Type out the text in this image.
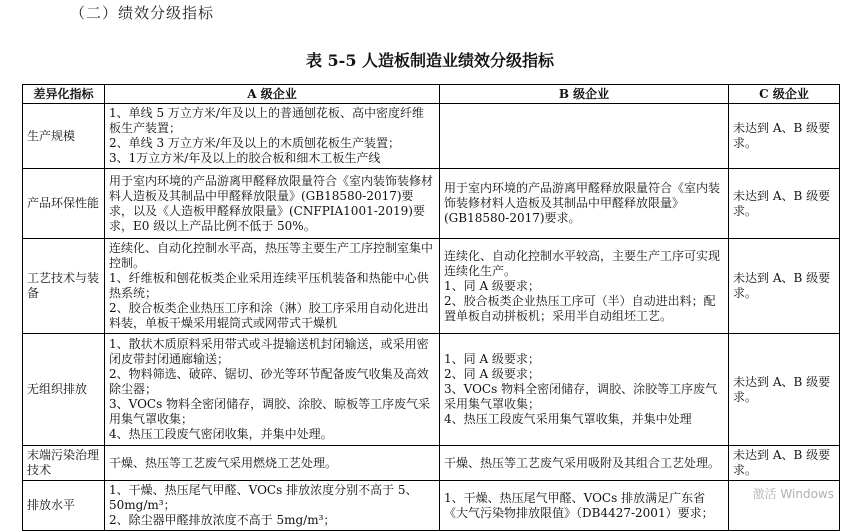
（二）绩效分级指标
表 5-5 人造板制造业绩效分级指标
差异化指标	A 级企业	B 级企业	C 级企业
生产规模	1、单线 5 万立方米/年及以上的普通刨花板、高中密度纤维板生产装置；
2、单线 3 万立方米/年及以上的木质刨花板生产装置；
3、1万立方米/年及以上的胶合板和细木工板生产线		未达到 A、B 级要求。
产品环保性能	用于室内环境的产品游离甲醛释放限量符合《室内装饰装修材料人造板及其制品中甲醛释放限量》(GB18580-2017)要求，以及《人造板甲醛释放限量》(CNFPIA1001-2019)要求，E0 级以上产品比例不低于 50%。	用于室内环境的产品游离甲醛释放限量符合《室内装饰装修材料人造板及其制品中甲醛释放限量》(GB18580-2017)要求。	未达到 A、B 级要求。
工艺技术与装备	连续化、自动化控制水平高，热压等主要生产工序控制室集中控制。
1、纤维板和刨花板类企业采用连续平压机装备和热能中心供热系统；
2、胶合板类企业热压工序和涂（淋）胶工序采用自动化进出料装，单板干燥采用辊筒式或网带式干燥机	连续化、自动化控制水平较高，主要生产工序可实现连续化生产。
1、同 A 级要求；
2、胶合板类企业热压工序可（半）自动进出料；配置单板自动拼板机；采用半自动组坯工艺。	未达到 A、B 级要求。
无组织排放	1、散状木质原料采用带式或斗提输送机封闭输送，或采用密闭皮带封闭通廊输送；
2、物料筛选、破碎、锯切、砂光等环节配备废气收集及高效除尘器；
3、VOCs 物料全密闭储存，调胶、涂胶、晾板等工序废气采用集气罩收集；
4、热压工段废气密闭收集，并集中处理。	1、同 A 级要求；
2、同 A 级要求；
3、VOCs 物料全密闭储存，调胶、涂胶等工序废气采用集气罩收集；
4、热压工段废气采用集气罩收集，并集中处理	未达到 A、B 级要求。
末端污染治理技术	干燥、热压等工艺废气采用燃烧工艺处理。	干燥、热压等工艺废气采用吸附及其组合工艺处理。	未达到 A、B 级要求。
排放水平	1、干燥、热压尾气甲醛、VOCs 排放浓度分别不高于 5、50mg/m³；
2、除尘器甲醛排放浓度不高于 5mg/m³；	1、干燥、热压尾气甲醛、VOCs 排放满足广东省《大气污染物排放限值》（DB4427-2001）要求；	
激活 Windows
